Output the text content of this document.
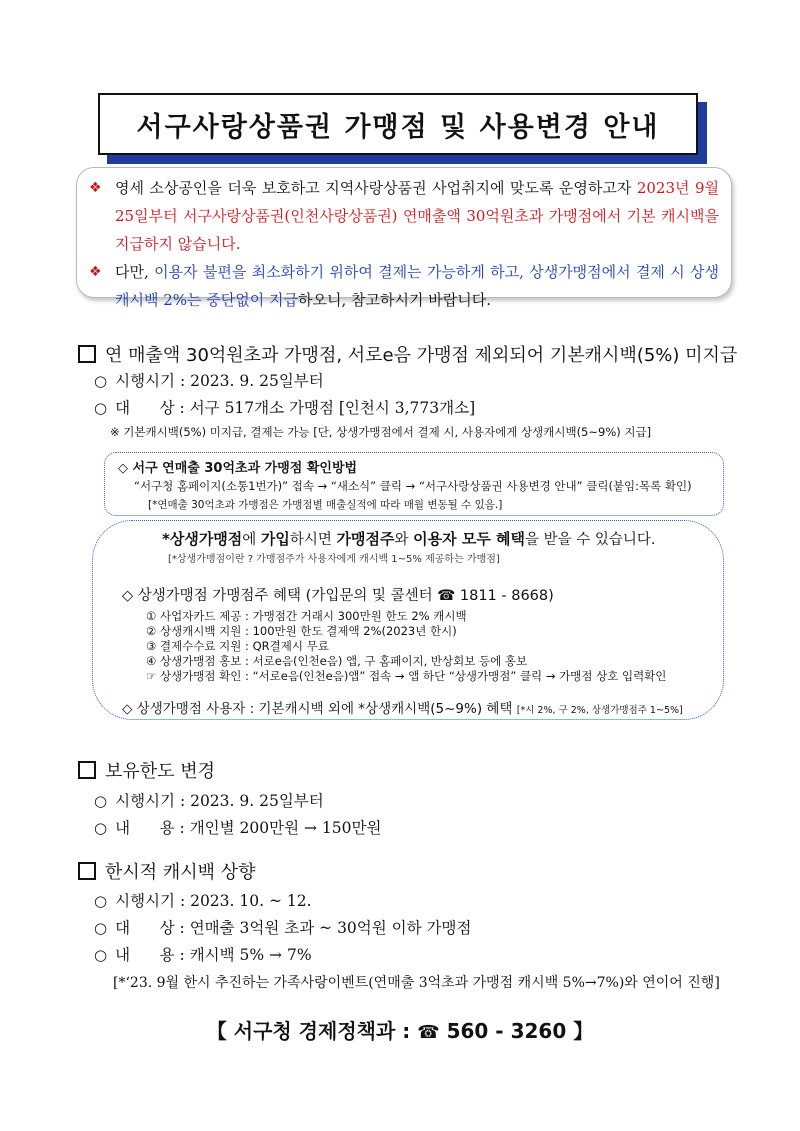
서구사랑상품권 가맹점 및 사용변경 안내

❖ 영세 소상공인을 더욱 보호하고 지역사랑상품권 사업취지에 맞도록 운영하고자 2023년 9월 25일부터 서구사랑상품권(인천사랑상품권) 연매출액 30억원초과 가맹점에서 기본 캐시백을 지급하지 않습니다.

❖ 다만, 이용자 불편을 최소화하기 위하여 결제는 가능하게 하고, 상생가맹점에서 결제 시 상생캐시백 2%는 중단없이 지급하오니, 참고하시기 바랍니다.

연 매출액 30억원초과 가맹점, 서로e음 가맹점 제외되어 기본캐시백(5%) 미지급
○ 시행시기 : 2023. 9. 25일부터
○ 대      상 : 서구 517개소 가맹점 [인천시 3,773개소]
※ 기본캐시백(5%) 미지급, 결제는 가능 [단, 상생가맹점에서 결제 시, 사용자에게 상생캐시백(5~9%) 지급]
◇ 서구 연매출 30억초과 가맹점 확인방법
“서구청 홈페이지(소통1번가)” 접속 → “새소식” 클릭 → “서구사랑상품권 사용변경 안내” 클릭(붙임:목록 확인)
[*연매출 30억초과 가맹점은 가맹점별 매출실적에 따라 매월 변동될 수 있음.]
*상생가맹점에 가입하시면 가맹점주와 이용자 모두 혜택을 받을 수 있습니다.
[*상생가맹점이란 ? 가맹점주가 사용자에게 캐시백 1~5% 제공하는 가맹점]
◇ 상생가맹점 가맹점주 혜택 (가입문의 및 콜센터 ☎ 1811 - 8668)
① 사업자카드 제공 : 가맹점간 거래시 300만원 한도 2% 캐시백
② 상생캐시백 지원 : 100만원 한도 결제액 2%(2023년 한시)
③ 결제수수료 지원 : QR결제시 무료
④ 상생가맹점 홍보 : 서로e음(인천e음) 앱, 구 홈페이지, 반상회보 등에 홍보
☞ 상생가맹점 확인 : “서로e음(인천e음)앱” 접속 → 앱 하단 “상생가맹점” 클릭 → 가맹점 상호 입력확인
◇ 상생가맹점 사용자 : 기본캐시백 외에 *상생캐시백(5~9%) 혜택 [*시 2%, 구 2%, 상생가맹점주 1~5%]
보유한도 변경
○ 시행시기 : 2023. 9. 25일부터
○ 내      용 : 개인별 200만원 → 150만원
한시적 캐시백 상향
○ 시행시기 : 2023. 10. ~ 12.
○ 대      상 : 연매출 3억원 초과 ~ 30억원 이하 가맹점
○ 내      용 : 캐시백 5% → 7%
[*‘23. 9월 한시 추진하는 가족사랑이벤트(연매출 3억초과 가맹점 캐시백 5%→7%)와 연이어 진행]
【 서구청 경제정책과 : ☎ 560 - 3260 】
